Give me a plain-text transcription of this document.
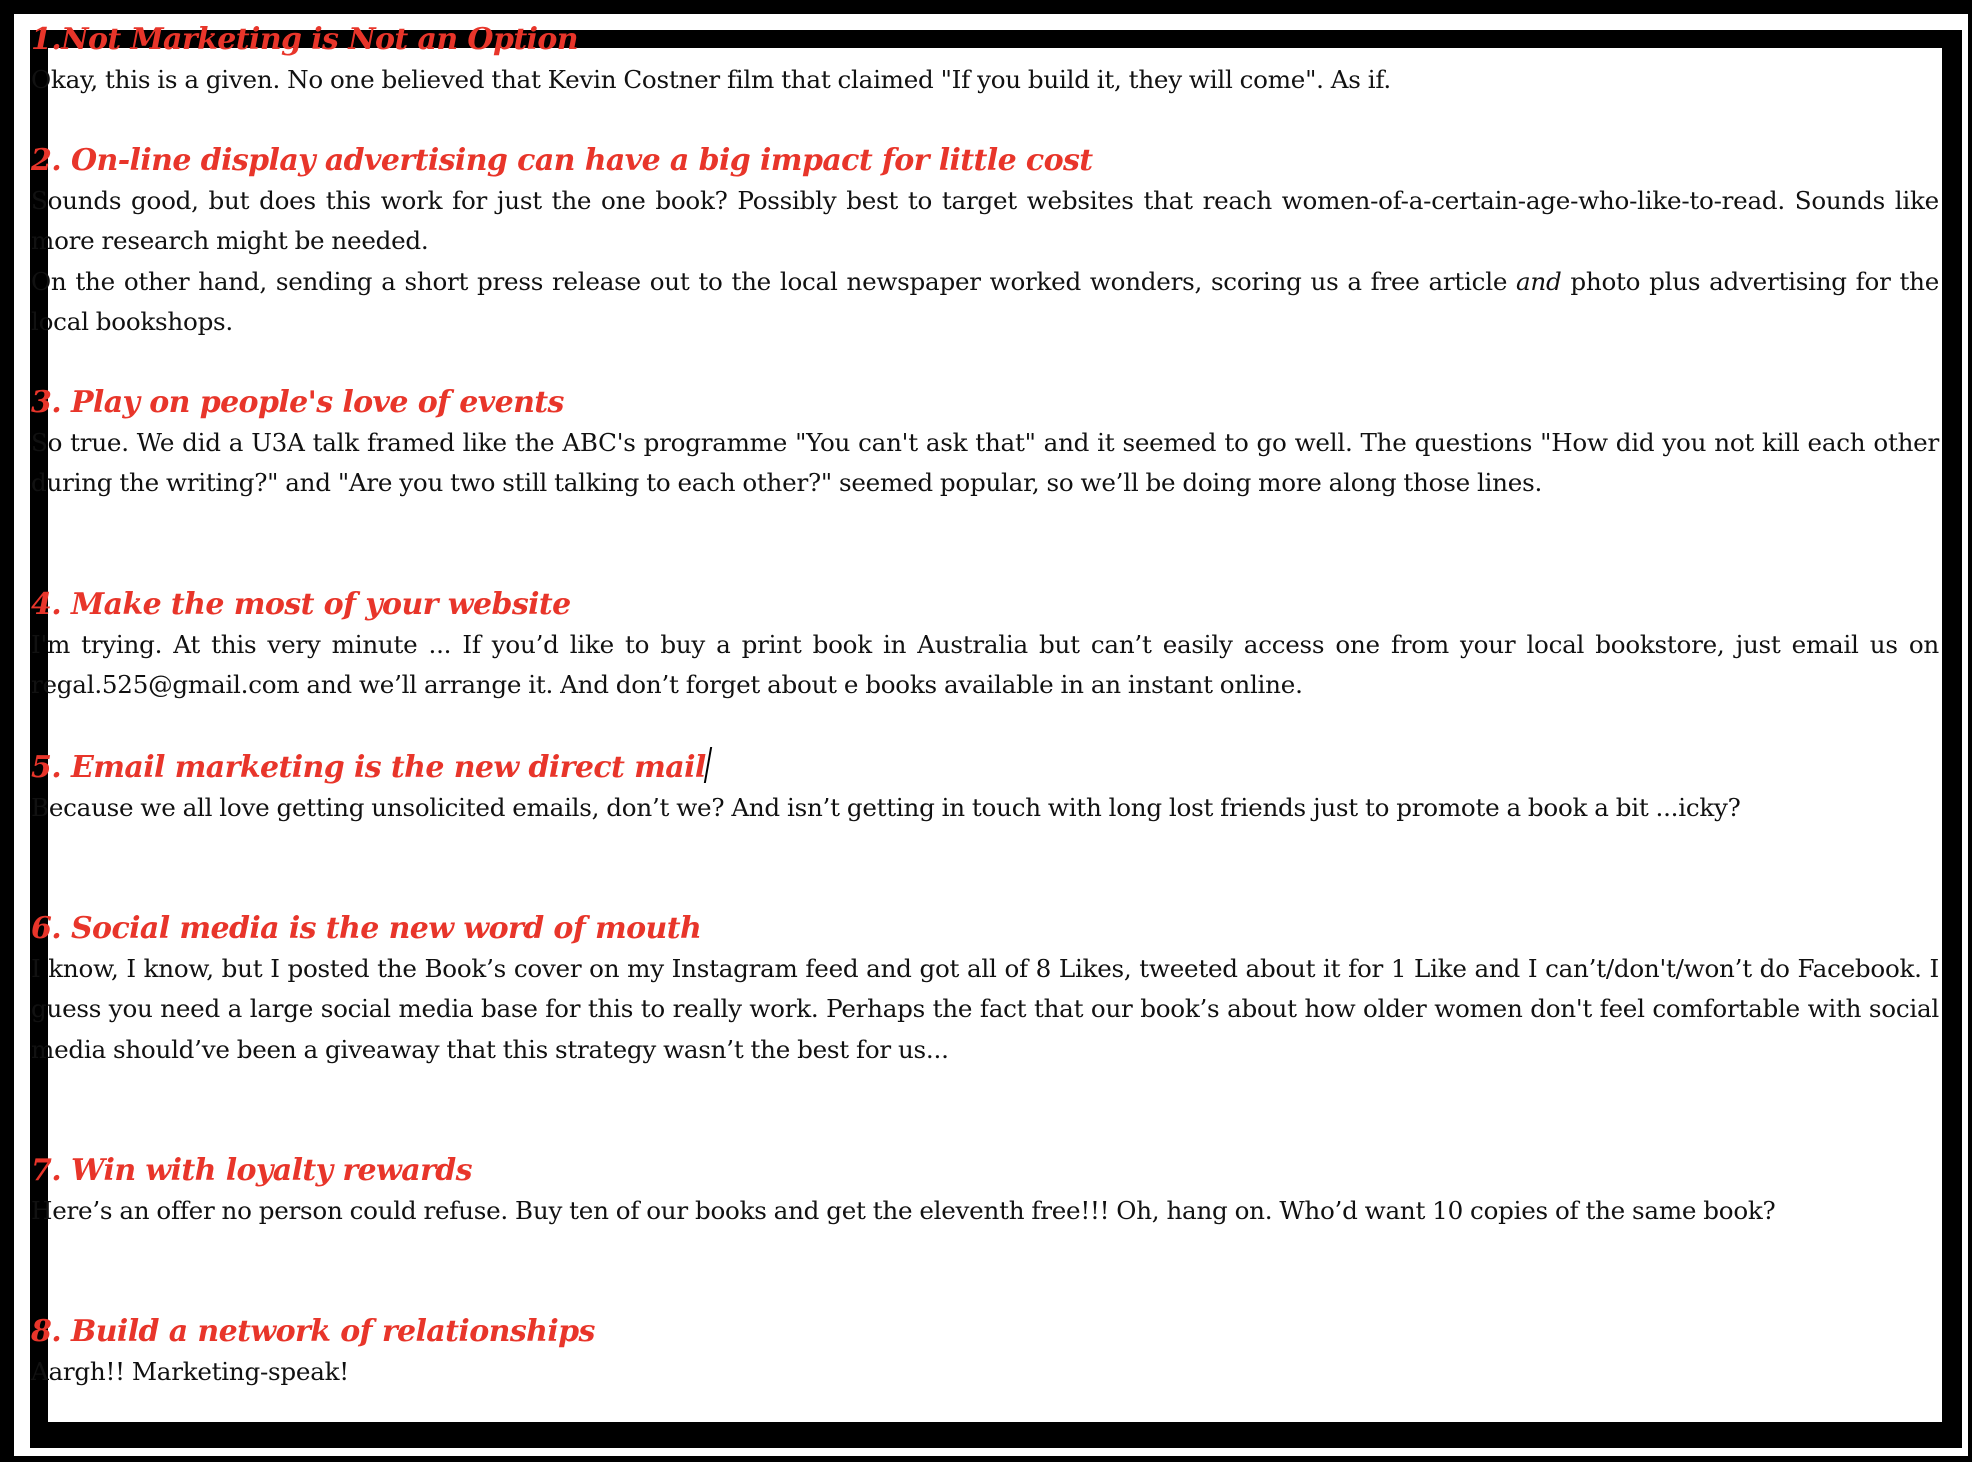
1.Not Marketing is Not an Option

Okay, this is a given. No one believed that Kevin Costner film that claimed "If you build it, they will come". As if.

2. On-line display advertising can have a big impact for little cost

Sounds good, but does this work for just the one book? Possibly best to target websites that reach women-of-a-certain-age-who-like-to-read. Sounds like more research might be needed.

On the other hand, sending a short press release out to the local newspaper worked wonders, scoring us a free article and photo plus advertising for the local bookshops.

3. Play on people's love of events

So true. We did a U3A talk framed like the ABC's programme "You can't ask that" and it seemed to go well. The questions "How did you not kill each other during the writing?" and "Are you two still talking to each other?" seemed popular, so we’ll be doing more along those lines.

4. Make the most of your website

I'm trying. At this very minute ... If you’d like to buy a print book in Australia but can’t easily access one from your local bookstore, just email us on regal.525@gmail.com and we’ll arrange it. And don’t forget about e books available in an instant online.

5. Email marketing is the new direct mail

Because we all love getting unsolicited emails, don’t we? And isn’t getting in touch with long lost friends just to promote a book a bit ...icky?

6. Social media is the new word of mouth

I know, I know, but I posted the Book’s cover on my Instagram feed and got all of 8 Likes, tweeted about it for 1 Like and I can’t/don't/won’t do Facebook. I guess you need a large social media base for this to really work. Perhaps the fact that our book’s about how older women don't feel comfortable with social media should’ve been a giveaway that this strategy wasn’t the best for us...

7. Win with loyalty rewards

Here’s an offer no person could refuse. Buy ten of our books and get the eleventh free!!! Oh, hang on. Who’d want 10 copies of the same book?

8. Build a network of relationships

Aargh!! Marketing-speak!
